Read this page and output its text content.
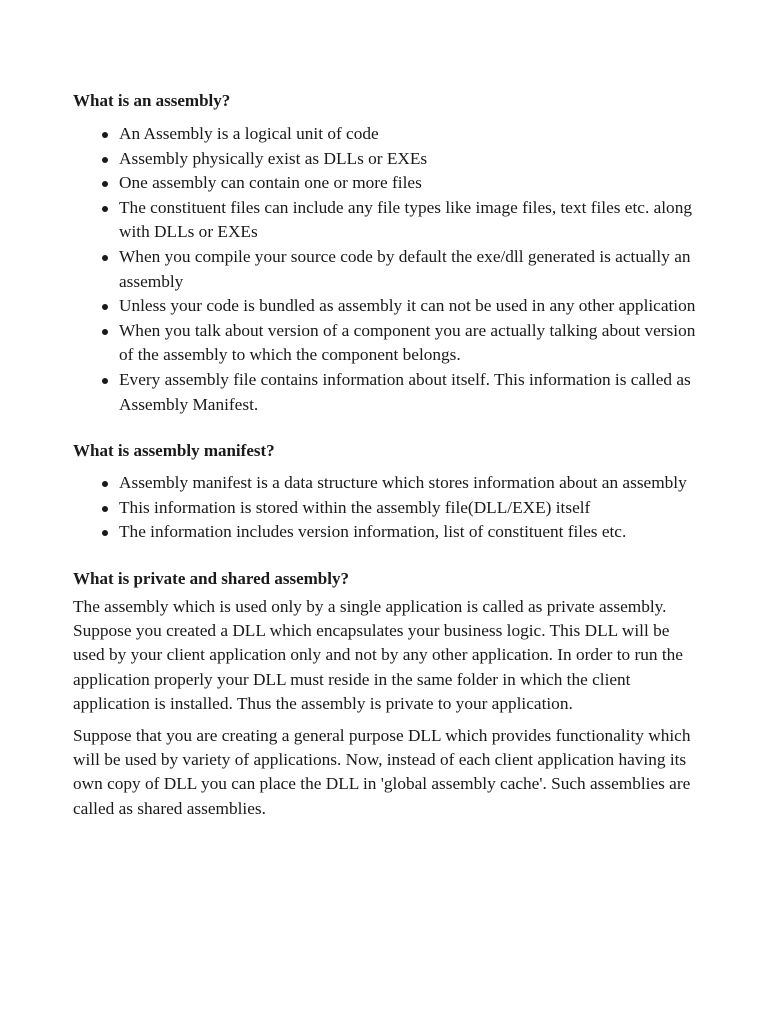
What is an assembly?
An Assembly is a logical unit of code
Assembly physically exist as DLLs or EXEs
One assembly can contain one or more files
The constituent files can include any file types like image files, text files etc. along with DLLs or EXEs
When you compile your source code by default the exe/dll generated is actually an assembly
Unless your code is bundled as assembly it can not be used in any other application
When you talk about version of a component you are actually talking about version of the assembly to which the component belongs.
Every assembly file contains information about itself. This information is called as Assembly Manifest.
What is assembly manifest?
Assembly manifest is a data structure which stores information about an assembly
This information is stored within the assembly file(DLL/EXE) itself
The information includes version information, list of constituent files etc.
What is private and shared assembly?

The assembly which is used only by a single application is called as private assembly. Suppose you created a DLL which encapsulates your business logic. This DLL will be used by your client application only and not by any other application. In order to run the application properly your DLL must reside in the same folder in which the client application is installed. Thus the assembly is private to your application.

Suppose that you are creating a general purpose DLL which provides functionality which will be used by variety of applications. Now, instead of each client application having its own copy of DLL you can place the DLL in 'global assembly cache'. Such assemblies are called as shared assemblies.
